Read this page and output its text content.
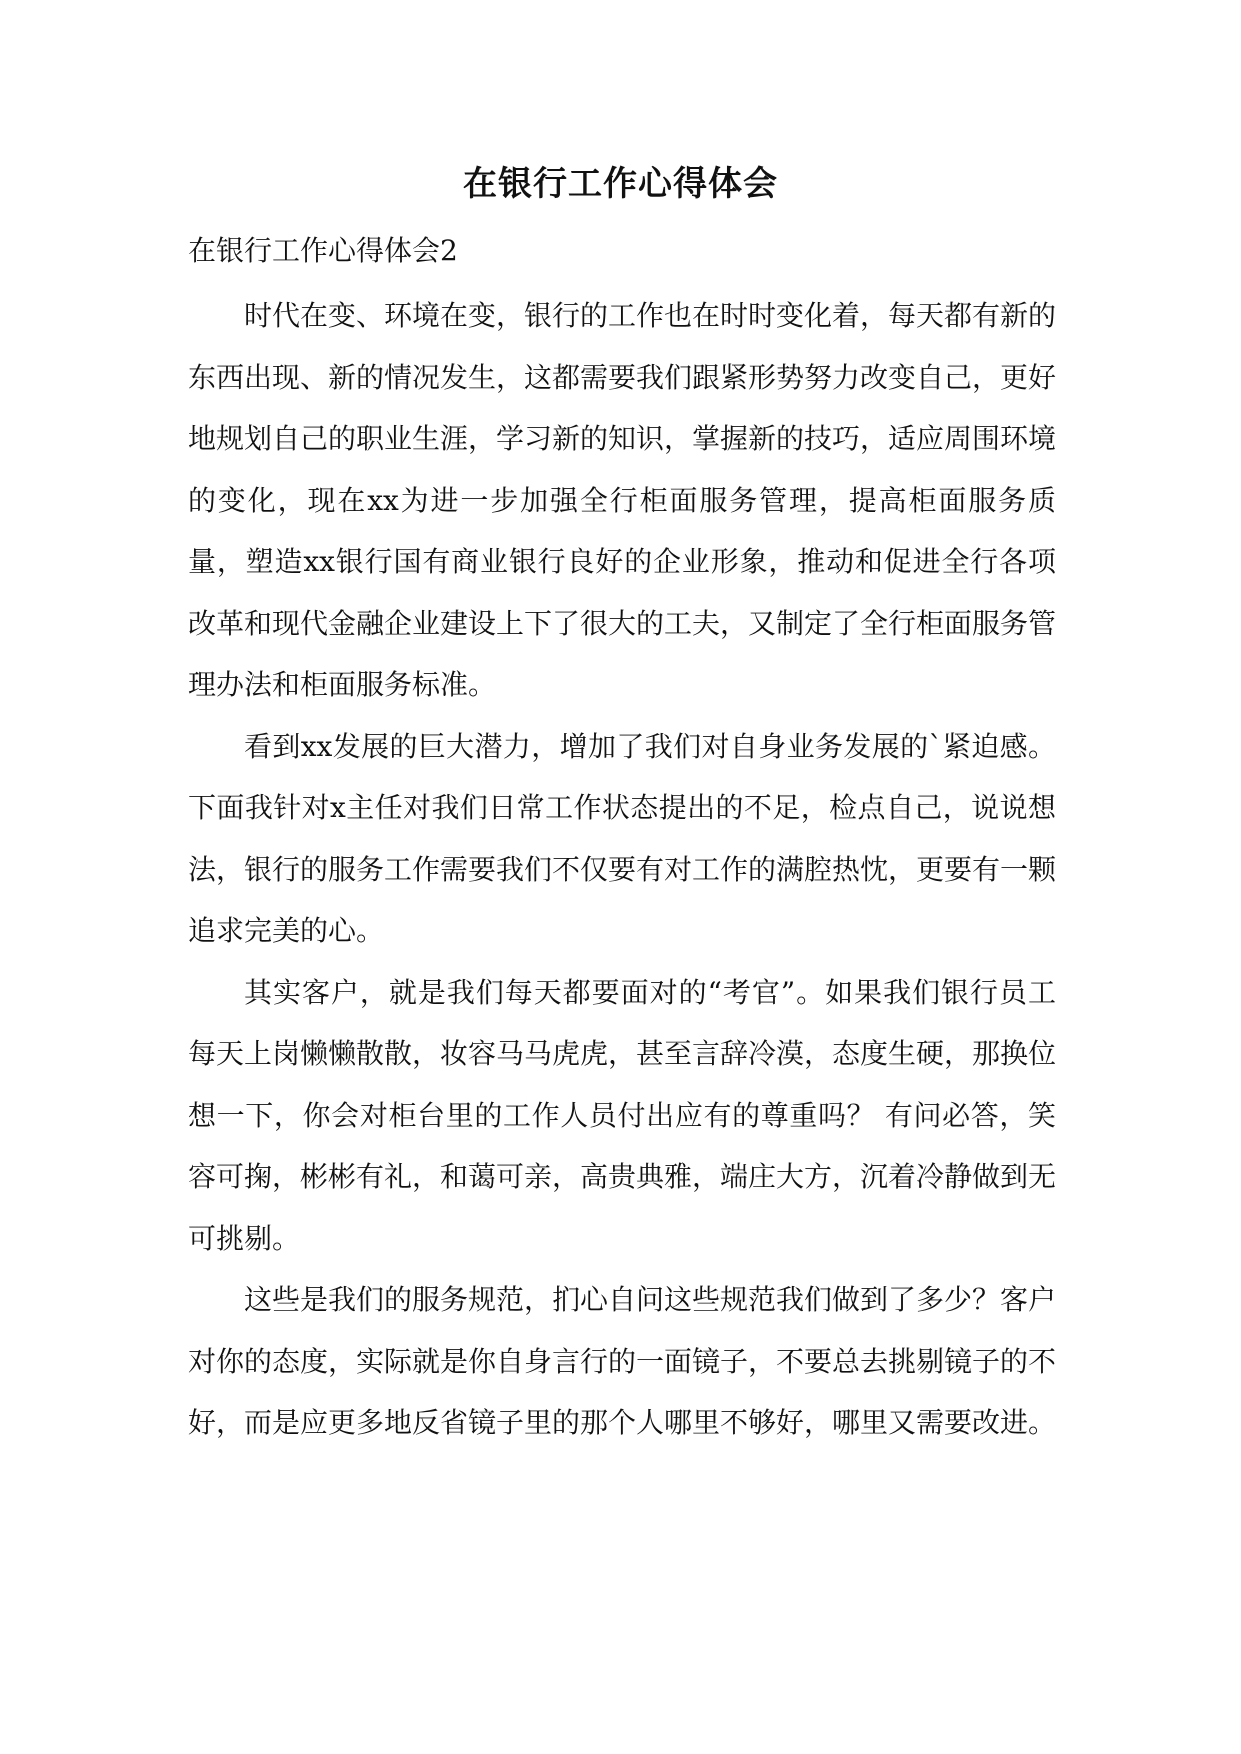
在银行工作心得体会
在银行工作心得体会2

时代在变、环境在变，银行的工作也在时时变化着，每天都有新的东西出现、新的情况发生，这都需要我们跟紧形势努力改变自己，更好地规划自己的职业生涯，学习新的知识，掌握新的技巧，适应周围环境的变化，现在xx为进一步加强全行柜面服务管理，提高柜面服务质量，塑造xx银行国有商业银行良好的企业形象，推动和促进全行各项改革和现代金融企业建设上下了很大的工夫，又制定了全行柜面服务管理办法和柜面服务标准。

看到xx发展的巨大潜力，增加了我们对自身业务发展的`紧迫感。下面我针对x主任对我们日常工作状态提出的不足，检点自己，说说想法，银行的服务工作需要我们不仅要有对工作的满腔热忱，更要有一颗追求完美的心。

其实客户，就是我们每天都要面对的“考官”。如果我们银行员工每天上岗懒懒散散，妆容马马虎虎，甚至言辞冷漠，态度生硬，那换位想一下，你会对柜台里的工作人员付出应有的尊重吗？ 有问必答，笑容可掬，彬彬有礼，和蔼可亲，高贵典雅，端庄大方，沉着冷静做到无可挑剔。

这些是我们的服务规范，扪心自问这些规范我们做到了多少？客户对你的态度，实际就是你自身言行的一面镜子，不要总去挑剔镜子的不好，而是应更多地反省镜子里的那个人哪里不够好，哪里又需要改进。
